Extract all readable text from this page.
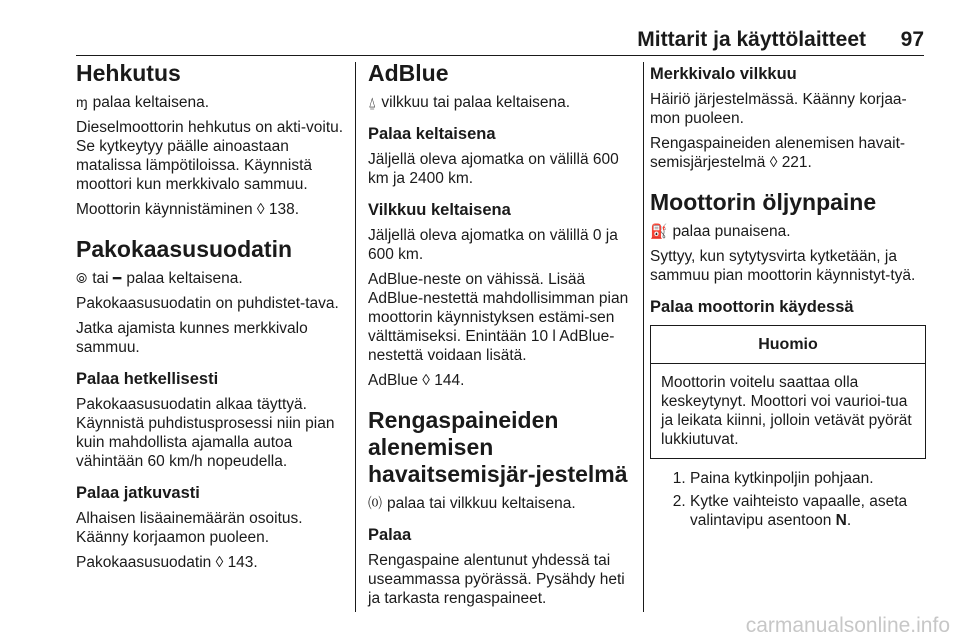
Mittarit ja käyttölaitteet 97
Hehkutus

ɱ palaa keltaisena.

Dieselmoottorin hehkutus on akti-voitu. Se kytkeytyy päälle ainoastaan matalissa lämpötiloissa. Käynnistä moottori kun merkkivalo sammuu.

Moottorin käynnistäminen ◊ 138.

Pakokaasusuodatin

⦾ tai ━ palaa keltaisena.

Pakokaasusuodatin on puhdistet-tava.

Jatka ajamista kunnes merkkivalo sammuu.

Palaa hetkellisesti

Pakokaasusuodatin alkaa täyttyä. Käynnistä puhdistusprosessi niin pian kuin mahdollista ajamalla autoa vähintään 60 km/h nopeudella.

Palaa jatkuvasti

Alhaisen lisäainemäärän osoitus. Käänny korjaamon puoleen.

Pakokaasusuodatin ◊ 143.

AdBlue

⍙ vilkkuu tai palaa keltaisena.

Palaa keltaisena

Jäljellä oleva ajomatka on välillä 600 km ja 2400 km.

Vilkkuu keltaisena

Jäljellä oleva ajomatka on välillä 0 ja 600 km.

AdBlue-neste on vähissä. Lisää AdBlue-nestettä mahdollisimman pian moottorin käynnistyksen estämi-sen välttämiseksi. Enintään 10 l AdBlue-nestettä voidaan lisätä.

AdBlue ◊ 144.

Rengaspaineiden alenemisen havaitsemisjär-jestelmä

⒪ palaa tai vilkkuu keltaisena.

Palaa

Rengaspaine alentunut yhdessä tai useammassa pyörässä. Pysähdy heti ja tarkasta rengaspaineet.

Merkkivalo vilkkuu

Häiriö järjestelmässä. Käänny korjaa-mon puoleen.

Rengaspaineiden alenemisen havait-semisjärjestelmä ◊ 221.

Moottorin öljynpaine

⛽ palaa punaisena.

Syttyy, kun sytytysvirta kytketään, ja sammuu pian moottorin käynnistyt-tyä.

Palaa moottorin käydessä
Huomio
Moottorin voitelu saattaa olla keskeytynyt. Moottori voi vaurioi-tua ja leikata kiinni, jolloin vetävät pyörät lukkiutuvat.
1. Paina kytkinpoljin pohjaan.
2. Kytke vaihteisto vapaalle, aseta valintavipu asentoon N.
carmanualsonline.info
